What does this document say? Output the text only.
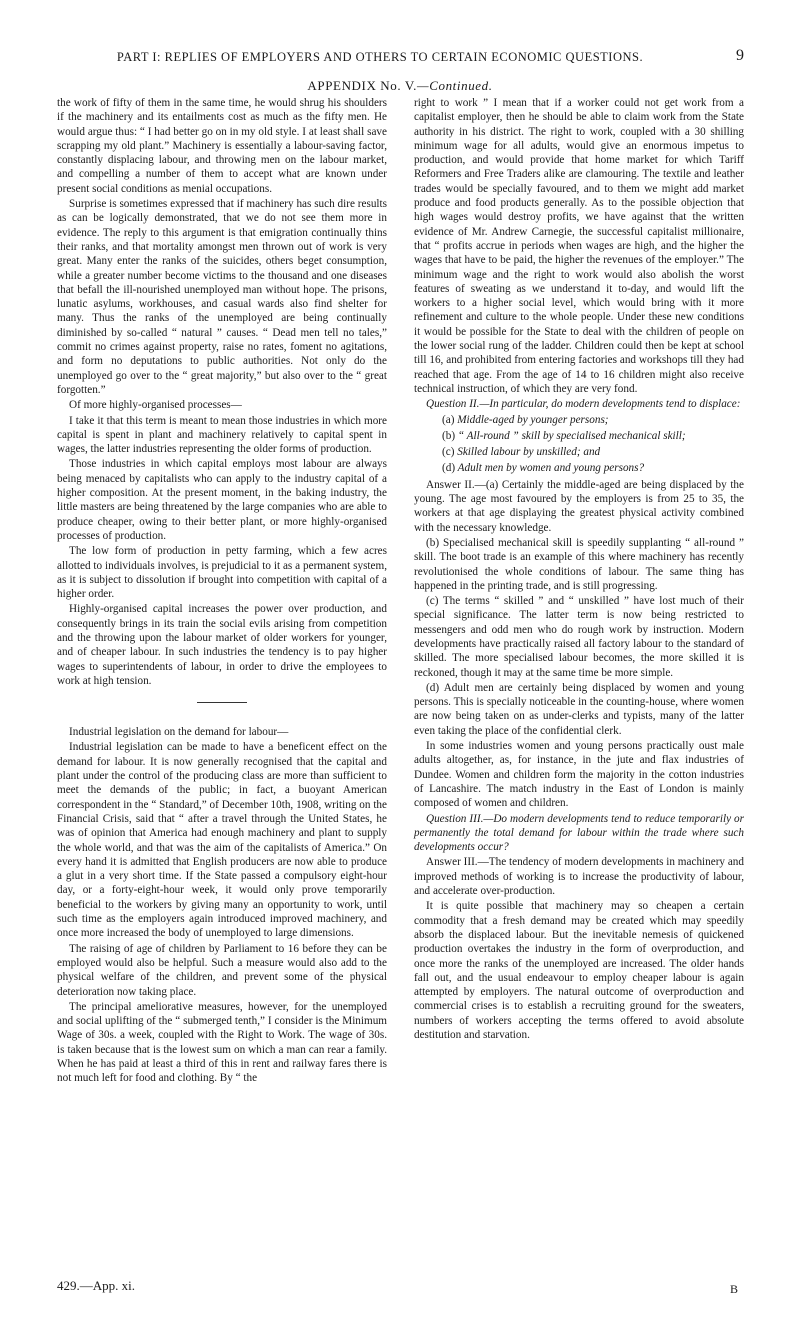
PART I: REPLIES OF EMPLOYERS AND OTHERS TO CERTAIN ECONOMIC QUESTIONS.	9
APPENDIX No. V.—Continued.

the work of fifty of them in the same time, he would shrug his shoulders if the machinery and its entailments cost as much as the fifty men. He would argue thus: “ I had better go on in my old style. I at least shall save scrapping my old plant.” Machinery is essentially a labour-saving factor, constantly displacing labour, and throwing men on the labour market, and compelling a number of them to accept what are known under present social conditions as menial occupations.

Surprise is sometimes expressed that if machinery has such dire results as can be logically demonstrated, that we do not see them more in evidence. The reply to this argument is that emigration continually thins their ranks, and that mortality amongst men thrown out of work is very great. Many enter the ranks of the suicides, others beget consumption, while a greater number become victims to the thousand and one diseases that befall the ill-nourished unemployed man without hope. The prisons, lunatic asylums, workhouses, and casual wards also find shelter for many. Thus the ranks of the unemployed are being continually diminished by so-called “ natural ” causes. “ Dead men tell no tales,” commit no crimes against property, raise no rates, foment no agitations, and form no deputations to public authorities. Not only do the unemployed go over to the “ great majority,” but also over to the “ great forgotten.”

Of more highly-organised processes—

I take it that this term is meant to mean those industries in which more capital is spent in plant and machinery relatively to capital spent in wages, the latter industries representing the older forms of production.

Those industries in which capital employs most labour are always being menaced by capitalists who can apply to the industry capital of a higher composition. At the present moment, in the baking industry, the little masters are being threatened by the large companies who are able to produce cheaper, owing to their better plant, or more highly-organised processes of production.

The low form of production in petty farming, which a few acres allotted to individuals involves, is prejudicial to it as a permanent system, as it is subject to dissolution if brought into competition with capital of a higher order.

Highly-organised capital increases the power over production, and consequently brings in its train the social evils arising from competition and the throwing upon the labour market of older workers for younger, and of cheaper labour. In such industries the tendency is to pay higher wages to superintendents of labour, in order to drive the employees to work at high tension.

Industrial legislation on the demand for labour—

Industrial legislation can be made to have a beneficent effect on the demand for labour. It is now generally recognised that the capital and plant under the control of the producing class are more than sufficient to meet the demands of the public; in fact, a buoyant American correspondent in the “ Standard,” of December 10th, 1908, writing on the Financial Crisis, said that “ after a travel through the United States, he was of opinion that America had enough machinery and plant to supply the whole world, and that was the aim of the capitalists of America.” On every hand it is admitted that English producers are now able to produce a glut in a very short time. If the State passed a compulsory eight-hour day, or a forty-eight-hour week, it would only prove temporarily beneficial to the workers by giving many an opportunity to work, until such time as the employers again introduced improved machinery, and once more increased the body of unemployed to large dimensions.

The raising of age of children by Parliament to 16 before they can be employed would also be helpful. Such a measure would also add to the physical welfare of the children, and prevent some of the physical deterioration now taking place.

The principal ameliorative measures, however, for the unemployed and social uplifting of the “ submerged tenth,” I consider is the Minimum Wage of 30s. a week, coupled with the Right to Work. The wage of 30s. is taken because that is the lowest sum on which a man can rear a family. When he has paid at least a third of this in rent and railway fares there is not much left for food and clothing. By “ the

right to work ” I mean that if a worker could not get work from a capitalist employer, then he should be able to claim work from the State authority in his district. The right to work, coupled with a 30 shilling minimum wage for all adults, would give an enormous impetus to production, and would provide that home market for which Tariff Reformers and Free Traders alike are clamouring. The textile and leather trades would be specially favoured, and to them we might add market produce and food products generally. As to the possible objection that high wages would destroy profits, we have against that the written evidence of Mr. Andrew Carnegie, the successful capitalist millionaire, that “ profits accrue in periods when wages are high, and the higher the wages that have to be paid, the higher the revenues of the employer.” The minimum wage and the right to work would also abolish the worst features of sweating as we understand it to-day, and would lift the workers to a higher social level, which would bring with it more refinement and culture to the whole people. Under these new conditions it would be possible for the State to deal with the children of people on the lower social rung of the ladder. Children could then be kept at school till 16, and prohibited from entering factories and workshops till they had reached that age. From the age of 14 to 16 children might also receive technical instruction, of which they are very fond.

Question II.—In particular, do modern developments tend to displace:

(a) Middle-aged by younger persons;

(b) “ All-round ” skill by specialised mechanical skill;

(c) Skilled labour by unskilled; and

(d) Adult men by women and young persons?

Answer II.—(a) Certainly the middle-aged are being displaced by the young. The age most favoured by the employers is from 25 to 35, the workers at that age displaying the greatest physical activity combined with the necessary knowledge.

(b) Specialised mechanical skill is speedily supplanting “ all-round ” skill. The boot trade is an example of this where machinery has recently revolutionised the whole conditions of labour. The same thing has happened in the printing trade, and is still progressing.

(c) The terms “ skilled ” and “ unskilled ” have lost much of their special significance. The latter term is now being restricted to messengers and odd men who do rough work by instruction. Modern developments have practically raised all factory labour to the standard of skilled. The more specialised labour becomes, the more skilled it is reckoned, though it may at the same time be more simple.

(d) Adult men are certainly being displaced by women and young persons. This is specially noticeable in the counting-house, where women are now being taken on as under-clerks and typists, many of the latter even taking the place of the confidential clerk.

In some industries women and young persons practically oust male adults altogether, as, for instance, in the jute and flax industries of Dundee. Women and children form the majority in the cotton industries of Lancashire. The match industry in the East of London is mainly composed of women and children.

Question III.—Do modern developments tend to reduce temporarily or permanently the total demand for labour within the trade where such developments occur?

Answer III.—The tendency of modern developments in machinery and improved methods of working is to increase the productivity of labour, and accelerate over-production.

It is quite possible that machinery may so cheapen a certain commodity that a fresh demand may be created which may speedily absorb the displaced labour. But the inevitable nemesis of quickened production overtakes the industry in the form of overproduction, and once more the ranks of the unemployed are increased. The older hands fall out, and the usual endeavour to employ cheaper labour is again attempted by employers. The natural outcome of overproduction and commercial crises is to establish a recruiting ground for the sweaters, numbers of workers accepting the terms offered to avoid absolute destitution and starvation.

429.—App. xi.	B
